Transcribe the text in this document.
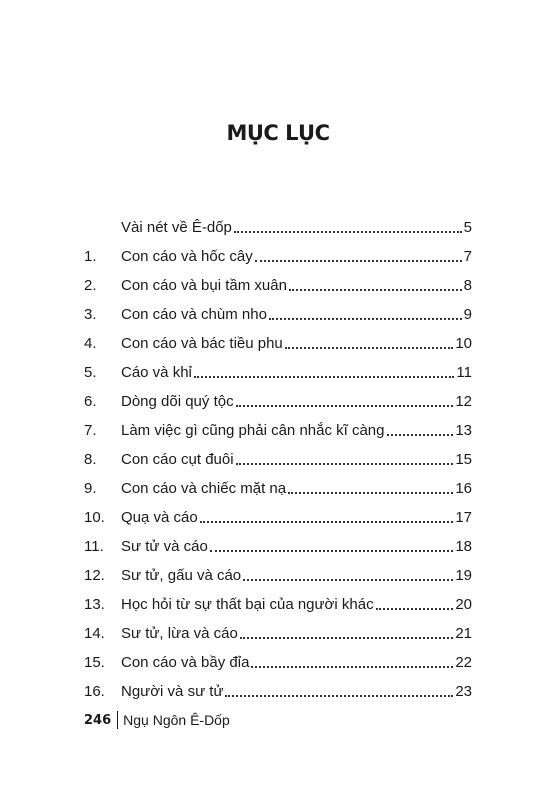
MỤC LỤC
Vài nét về Ê-dốp	5
1.	Con cáo và hốc cây	7
2.	Con cáo và bụi tầm xuân	8
3.	Con cáo và chùm nho	9
4.	Con cáo và bác tiều phu	10
5.	Cáo và khỉ	11
6.	Dòng dõi quý tộc	12
7.	Làm việc gì cũng phải cân nhắc kĩ càng	13
8.	Con cáo cụt đuôi	15
9.	Con cáo và chiếc mặt nạ	16
10.	Quạ và cáo	17
11.	Sư tử và cáo	18
12.	Sư tử, gấu và cáo	19
13.	Học hỏi từ sự thất bại của người khác	20
14.	Sư tử, lừa và cáo	21
15.	Con cáo và bầy đỉa	22
16.	Người và sư tử	23
246 Ngụ Ngôn Ê-Dốp
